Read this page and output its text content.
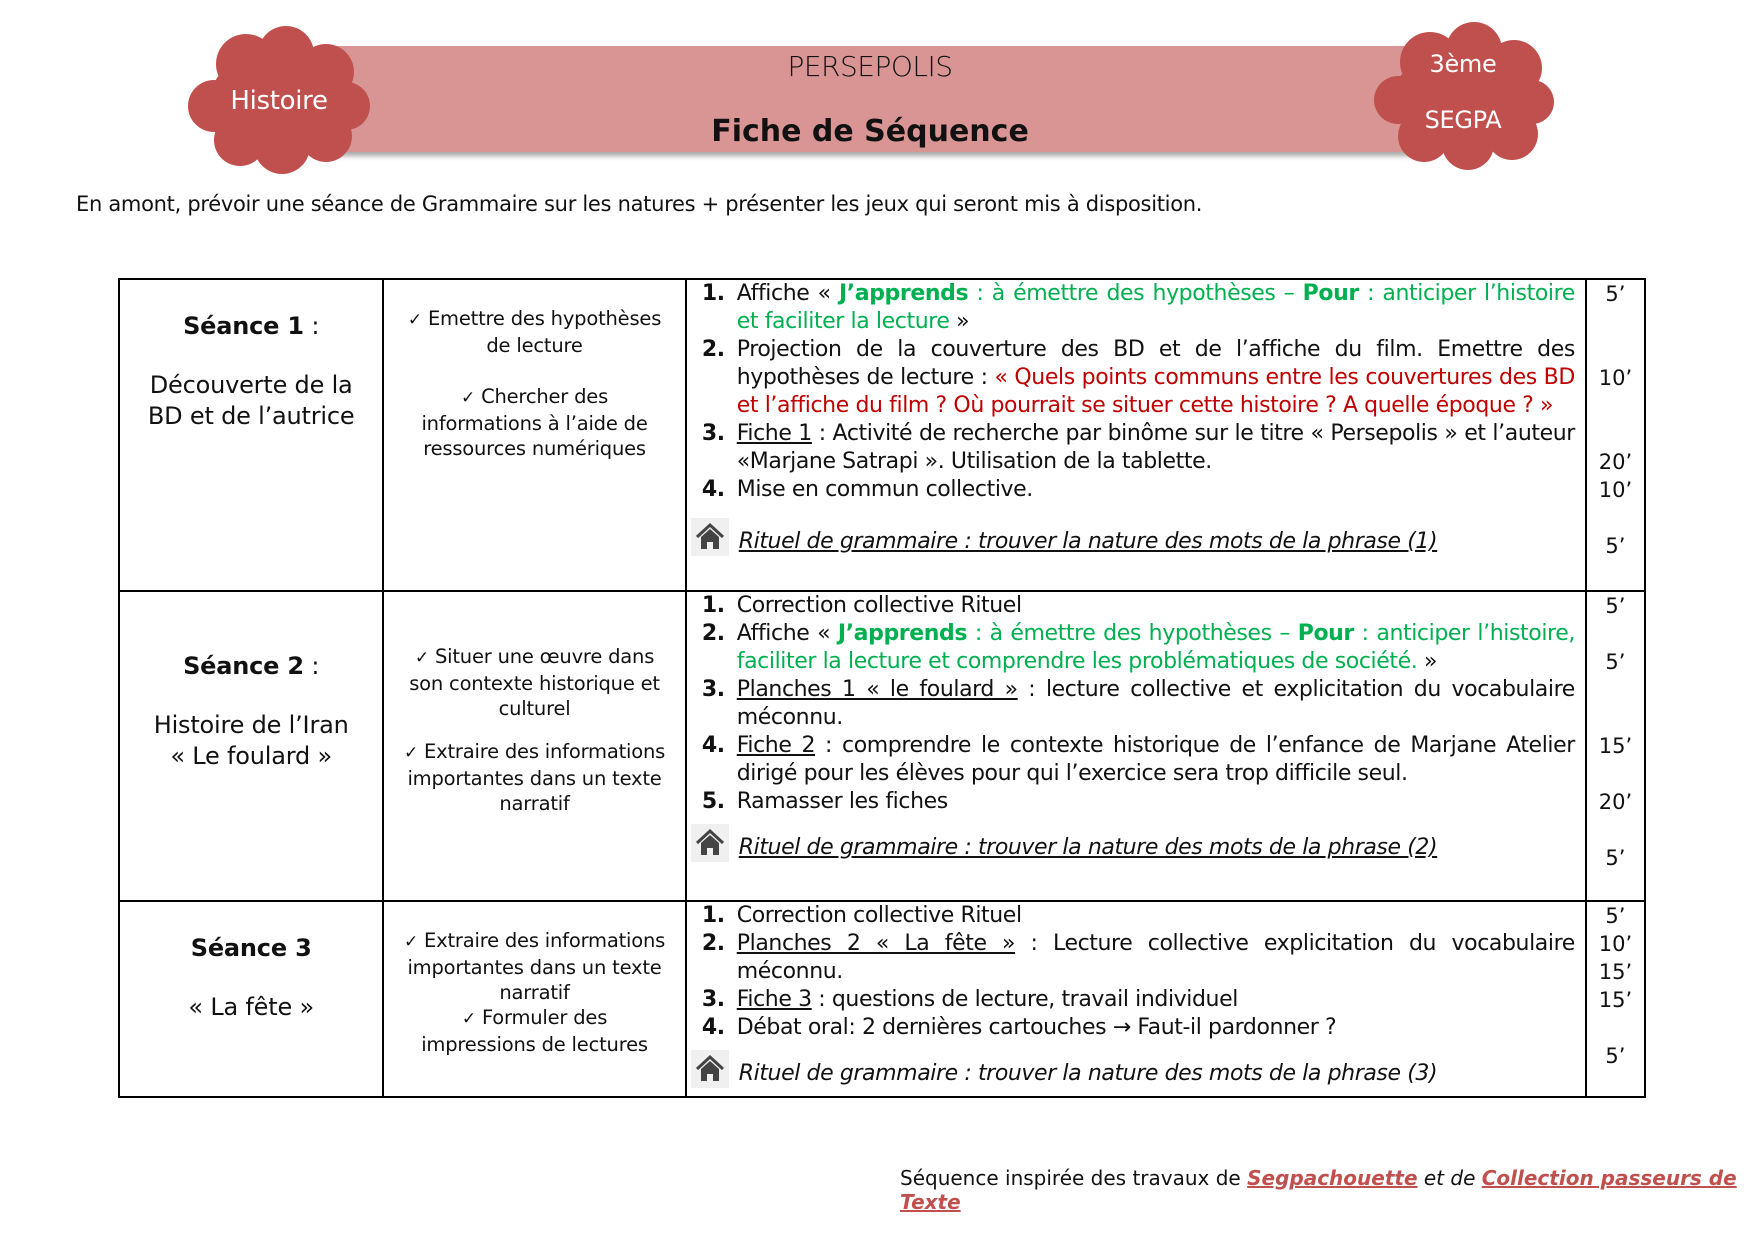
PERSEPOLIS
Fiche de Séquence
Histoire
3ème
SEGPA
En amont, prévoir une séance de Grammaire sur les natures + présenter les jeux qui seront mis à disposition.
Séance 1 :
Découverte de la
BD et de l’autrice

✓ Emettre des hypothèses de lecture
✓ Chercher des informations à l’aide de ressources numériques

1. Affiche « J’apprends : à émettre des hypothèses – Pour : anticiper l’histoire et faciliter la lecture »
2. Projection de la couverture des BD et de l’affiche du film. Emettre des hypothèses de lecture : « Quels points communs entre les couvertures des BD et l’affiche du film ? Où pourrait se situer cette histoire ? A quelle époque ? »
3. Fiche 1 : Activité de recherche par binôme sur le titre « Persepolis » et l’auteur «Marjane Satrapi ». Utilisation de la tablette.
4. Mise en commun collective.
Rituel de grammaire : trouver la nature des mots de la phrase (1)

5’
10’
20’
10’
5’

Séance 2 :
Histoire de l’Iran
« Le foulard »

✓ Situer une œuvre dans son contexte historique et culturel
✓ Extraire des informations importantes dans un texte narratif

1. Correction collective Rituel
2. Affiche « J’apprends : à émettre des hypothèses – Pour : anticiper l’histoire, faciliter la lecture et comprendre les problématiques de société. »
3. Planches 1 « le foulard » : lecture collective et explicitation du vocabulaire méconnu.
4. Fiche 2 : comprendre le contexte historique de l’enfance de Marjane Atelier dirigé pour les élèves pour qui l’exercice sera trop difficile seul.
5. Ramasser les fiches
Rituel de grammaire : trouver la nature des mots de la phrase (2)

5’
5’
15’
20’
5’

Séance 3
« La fête »

✓ Extraire des informations importantes dans un texte narratif
✓ Formuler des impressions de lectures

1. Correction collective Rituel
2. Planches 2 « La fête » : Lecture collective explicitation du vocabulaire méconnu.
3. Fiche 3 : questions de lecture, travail individuel
4. Débat oral: 2 dernières cartouches → Faut-il pardonner ?
Rituel de grammaire : trouver la nature des mots de la phrase (3)

5’
10’
15’
15’
5’
Séquence inspirée des travaux de Segpachouette et de Collection passeurs de Texte
